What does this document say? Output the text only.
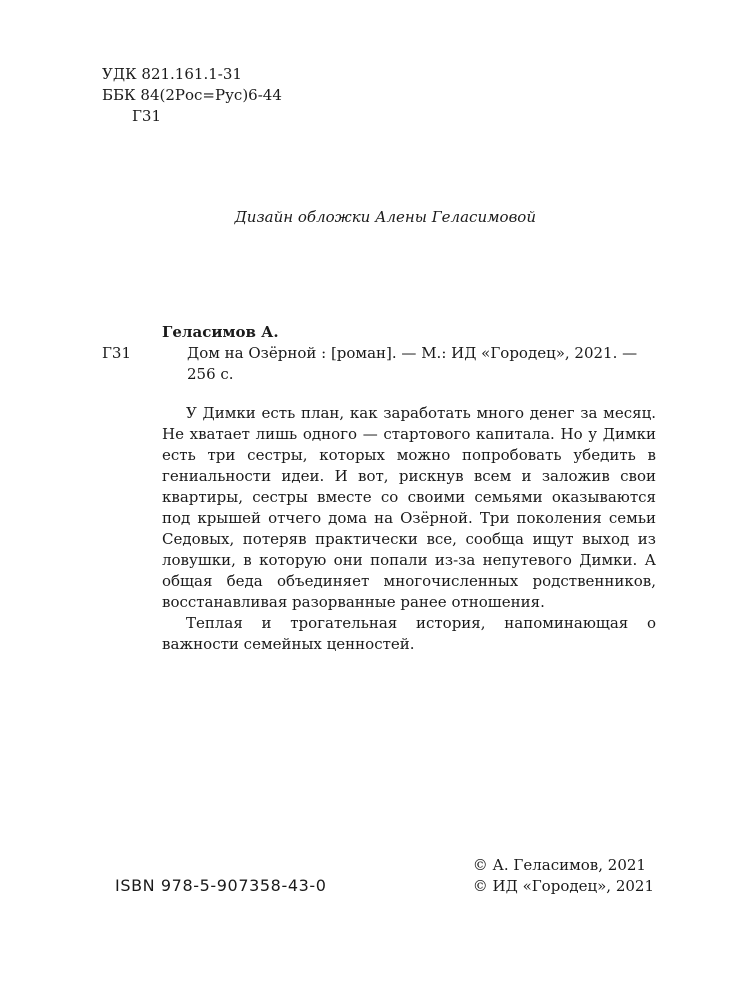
УДК 821.161.1-31
ББК 84(2Рос=Рус)6-44
Г31
Дизайн обложки Алены Геласимовой
Геласимов А.
Г31	Дом на Озёрной : [роман]. — М.: ИД «Городец», 2021. —
256 с.

У Димки есть план, как заработать много денег за месяц. Не хватает лишь одного — стартового капитала. Но у Димки есть три сестры, которых можно попробовать убедить в гениальности идеи. И вот, рискнув всем и заложив свои квартиры, сестры вместе со своими семьями оказываются под крышей отчего дома на Озёрной. Три поколения семьи Седовых, потеряв практически все, сообща ищут выход из ловушки, в которую они попали из-за непутевого Димки. А общая беда объединяет многочисленных родственников, восстанавливая разорванные ранее отношения.

Теплая и трогательная история, напоминающая о важности семейных ценностей.

ISBN 978-5-907358-43-0
© А. Геласимов, 2021
© ИД «Городец», 2021
